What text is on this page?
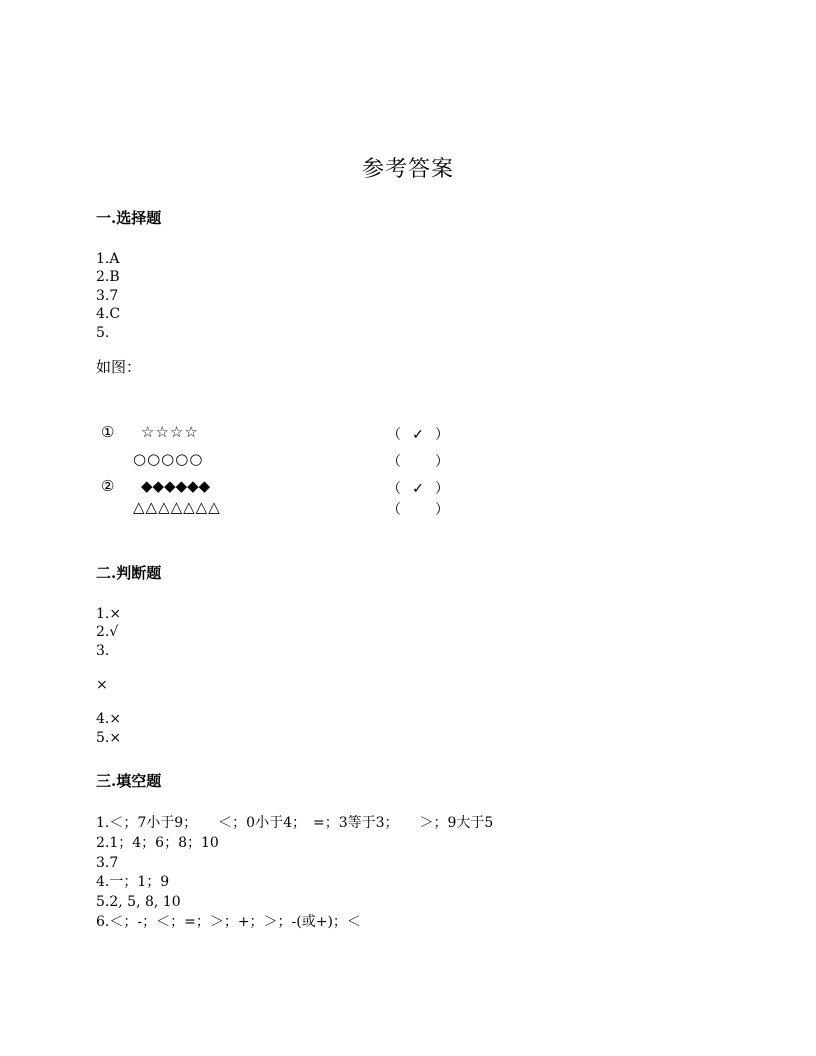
参考答案
一.选择题
1.A
2.B
3.7
4.C
5.
如图：
① ☆☆☆☆	（ ✓ ）
○○○○○	（ ）
② ◆◆◆◆◆◆	（ ✓ ）
△△△△△△△	（ ）
二.判断题
1.×
2.√
3.
×
4.×
5.×
三.填空题
1.＜；7小于9；　　＜；0小于4；　=；3等于3；　　＞；9大于5
2.1；4；6；8；10
3.7
4.一；1；9
5.2, 5, 8, 10
6.＜；-；＜；=；＞；+；＞；-(或+)；＜
